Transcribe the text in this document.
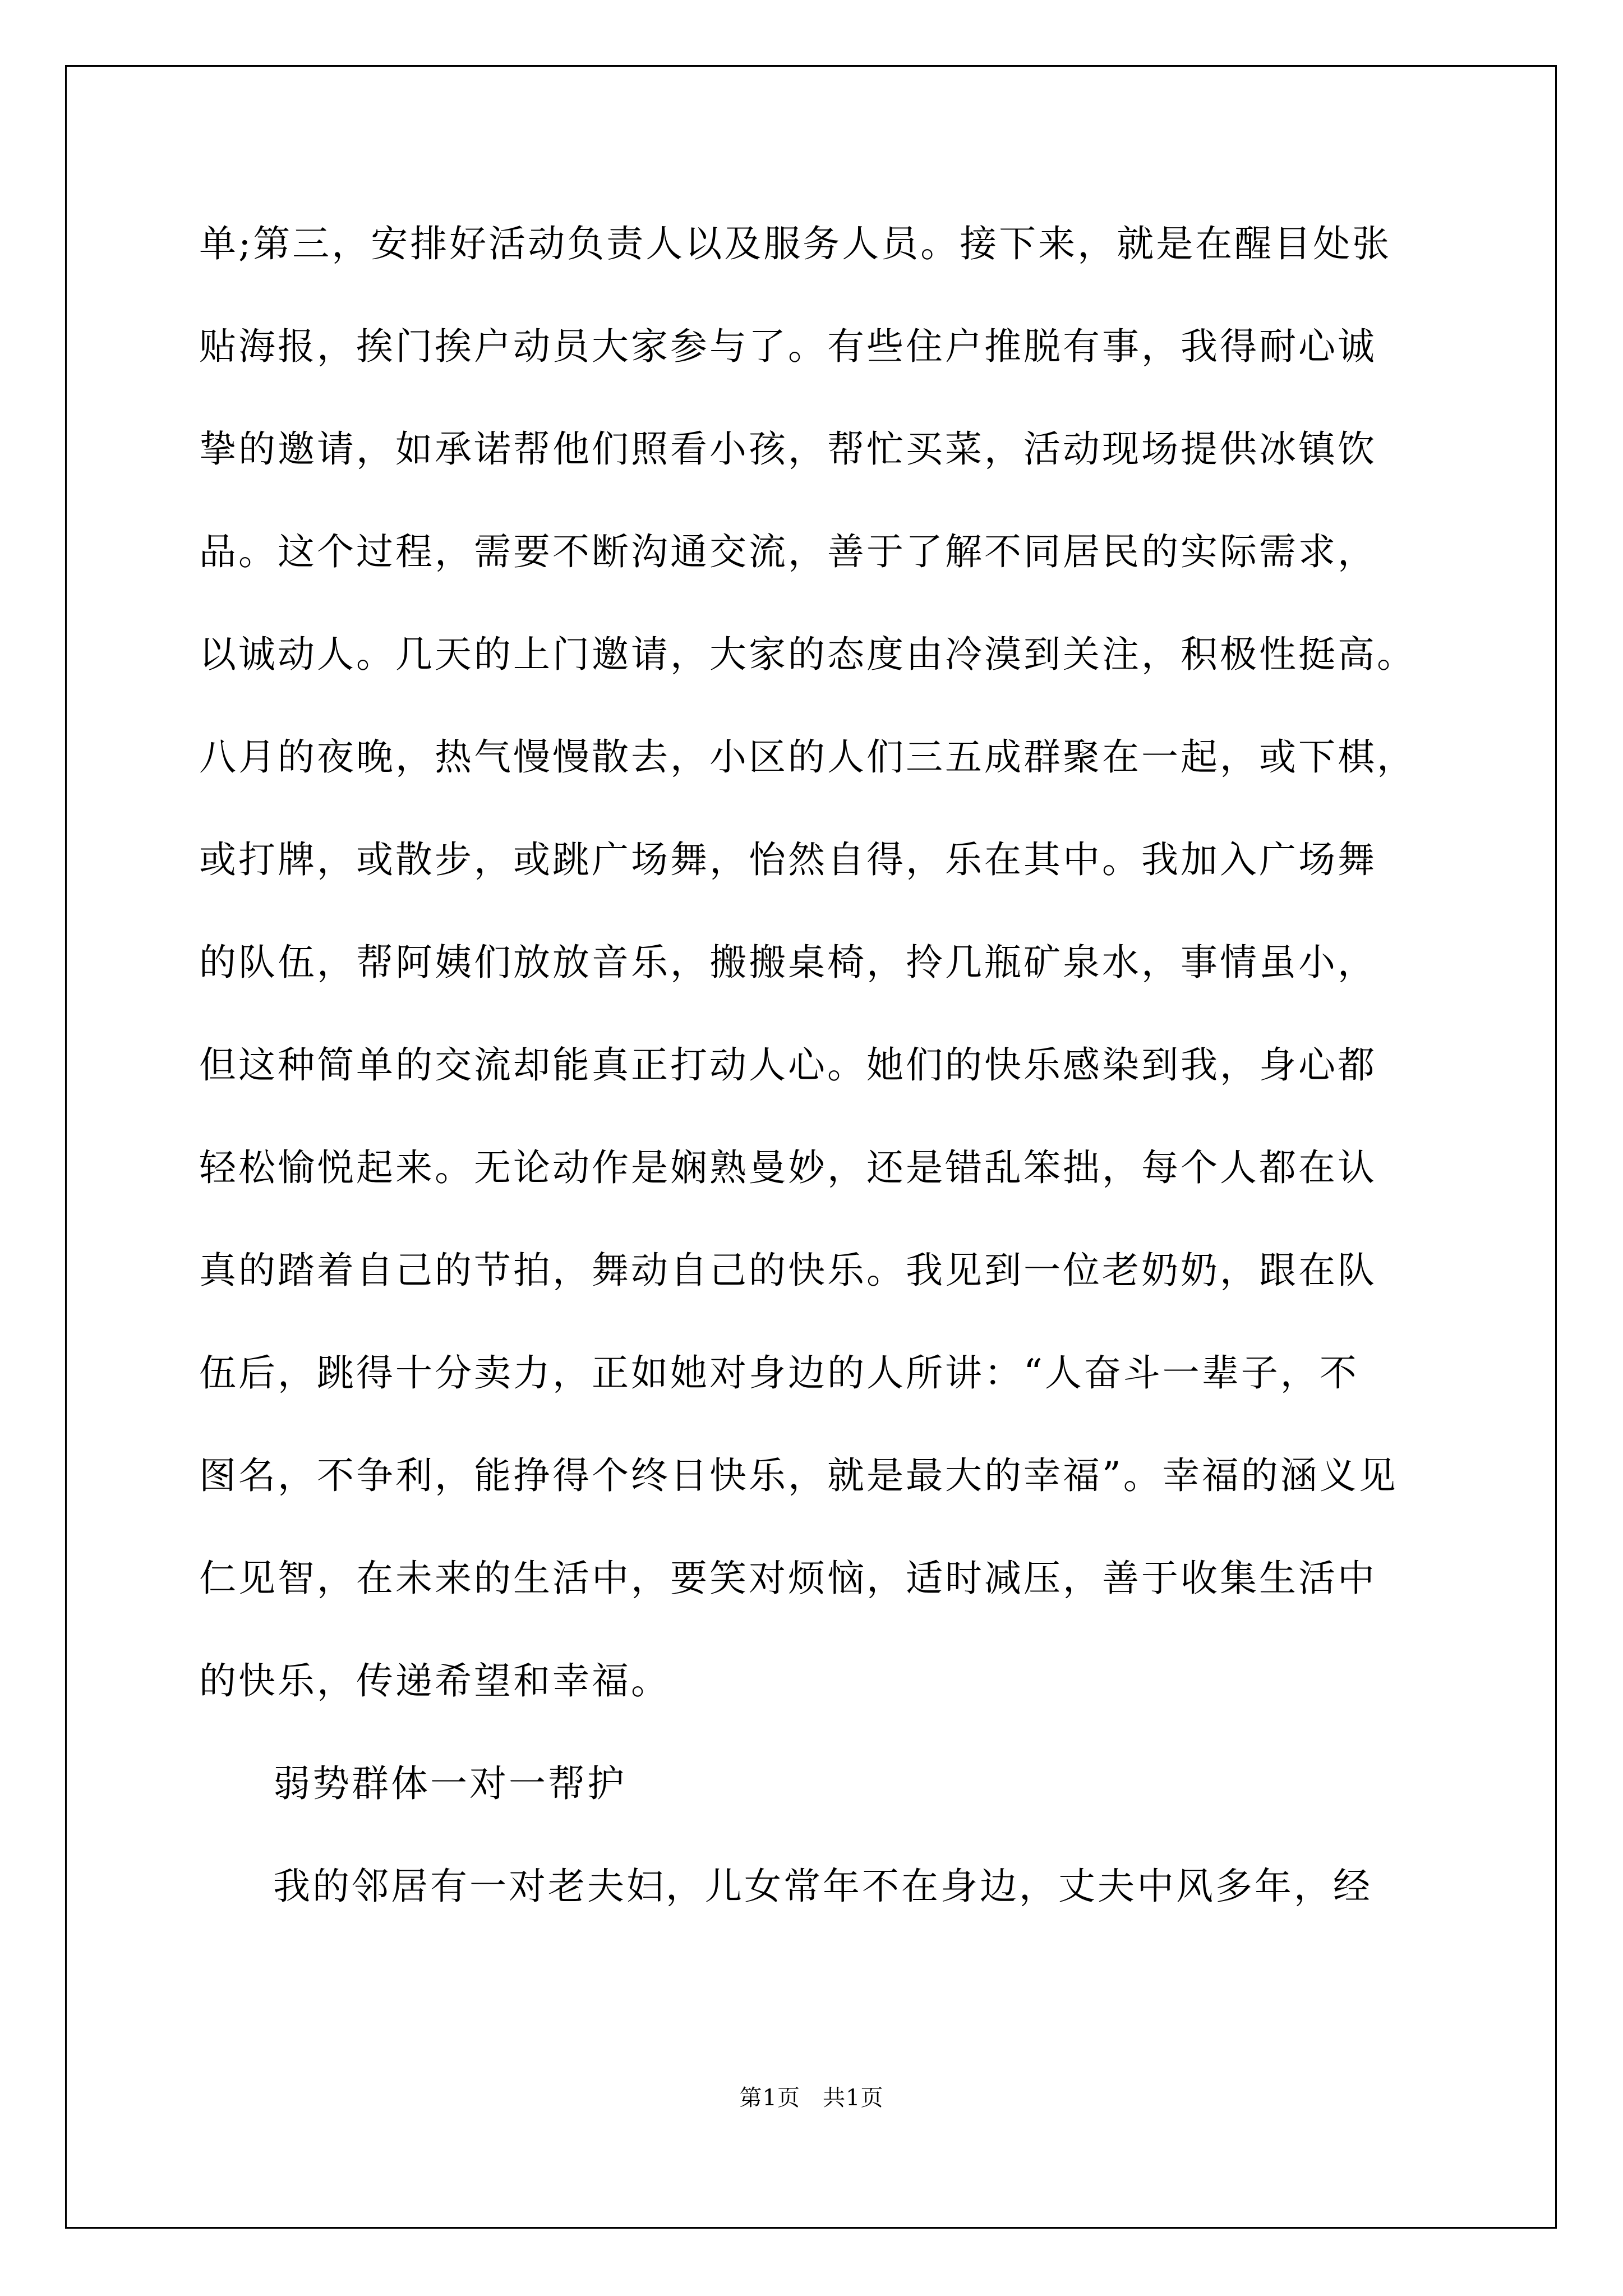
单;第三，安排好活动负责人以及服务人员。接下来，就是在醒目处张
贴海报，挨门挨户动员大家参与了。有些住户推脱有事，我得耐心诚
挚的邀请，如承诺帮他们照看小孩，帮忙买菜，活动现场提供冰镇饮
品。这个过程，需要不断沟通交流，善于了解不同居民的实际需求，
以诚动人。几天的上门邀请，大家的态度由冷漠到关注，积极性挺高。
八月的夜晚，热气慢慢散去，小区的人们三五成群聚在一起，或下棋，
或打牌，或散步，或跳广场舞，怡然自得，乐在其中。我加入广场舞
的队伍，帮阿姨们放放音乐，搬搬桌椅，拎几瓶矿泉水，事情虽小，
但这种简单的交流却能真正打动人心。她们的快乐感染到我，身心都
轻松愉悦起来。无论动作是娴熟曼妙，还是错乱笨拙，每个人都在认
真的踏着自己的节拍，舞动自己的快乐。我见到一位老奶奶，跟在队
伍后，跳得十分卖力，正如她对身边的人所讲：“人奋斗一辈子，不
图名，不争利，能挣得个终日快乐，就是最大的幸福”。幸福的涵义见
仁见智，在未来的生活中，要笑对烦恼，适时减压，善于收集生活中
的快乐，传递希望和幸福。
弱势群体一对一帮护
我的邻居有一对老夫妇，儿女常年不在身边，丈夫中风多年，经
第1页 共1页
